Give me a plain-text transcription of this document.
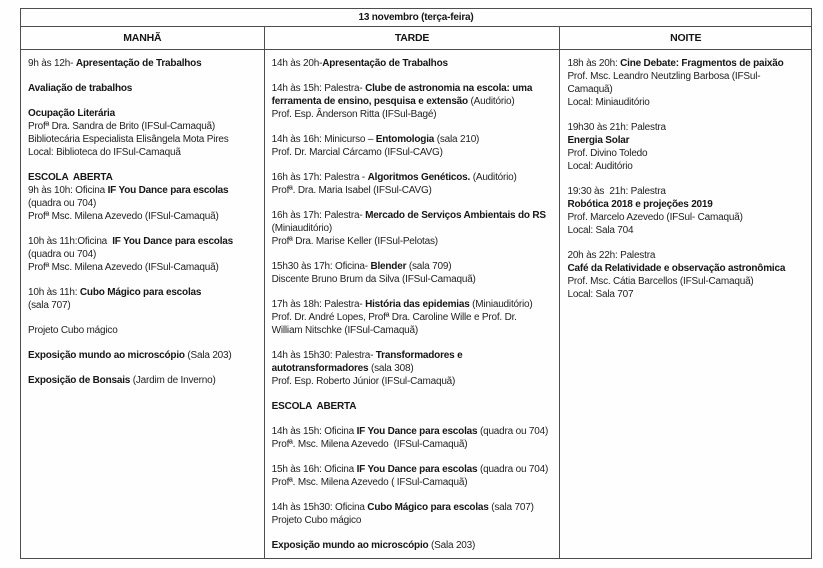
13 novembro (terça-feira)		
MANHÃ	TARDE	NOITE

9h às 12h- Apresentação de Trabalhos
Avaliação de trabalhos
Ocupação Literária
Profª Dra. Sandra de Brito (IFSul-Camaquã)
Bibliotecária Especialista Elisângela Mota Pires
Local: Biblioteca do IFSul-Camaquã
ESCOLA  ABERTA
9h às 10h: Oficina IF You Dance para escolas
(quadra ou 704)
Profª Msc. Milena Azevedo (IFSul-Camaquã)
10h às 11h:Oficina  IF You Dance para escolas
(quadra ou 704)
Profª Msc. Milena Azevedo (IFSul-Camaquã)
10h às 11h: Cubo Mágico para escolas
(sala 707)
Projeto Cubo mágico
Exposição mundo ao microscópio (Sala 203)
Exposição de Bonsais (Jardim de Inverno)

14h às 20h-Apresentação de Trabalhos
14h às 15h: Palestra- Clube de astronomia na escola: uma
ferramenta de ensino, pesquisa e extensão (Auditório)
Prof. Esp. Ânderson Ritta (IFSul-Bagé)
14h às 16h: Minicurso – Entomologia (sala 210)
Prof. Dr. Marcial Cárcamo (IFSul-CAVG)
16h às 17h: Palestra - Algoritmos Genéticos. (Auditório)
Profª. Dra. Maria Isabel (IFSul-CAVG)
16h às 17h: Palestra- Mercado de Serviços Ambientais do RS
(Miniauditório)
Profª Dra. Marise Keller (IFSul-Pelotas)
15h30 às 17h: Oficina- Blender (sala 709)
Discente Bruno Brum da Silva (IFSul-Camaquã)
17h às 18h: Palestra- História das epidemias (Miniauditório)
Prof. Dr. André Lopes, Profª Dra. Caroline Wille e Prof. Dr.
William Nitschke (IFSul-Camaquã)
14h às 15h30: Palestra- Transformadores e
autotransformadores (sala 308)
Prof. Esp. Roberto Júnior (IFSul-Camaquã)
ESCOLA  ABERTA
14h às 15h: Oficina IF You Dance para escolas (quadra ou 704)
Profª. Msc. Milena Azevedo  (IFSul-Camaquã)
15h às 16h: Oficina IF You Dance para escolas (quadra ou 704)
Profª. Msc. Milena Azevedo ( IFSul-Camaquã)
14h às 15h30: Oficina Cubo Mágico para escolas (sala 707)
Projeto Cubo mágico
Exposição mundo ao microscópio (Sala 203)

18h às 20h: Cine Debate: Fragmentos de paixão
Prof. Msc. Leandro Neutzling Barbosa (IFSul-
Camaquã)
Local: Miniauditório
19h30 às 21h: Palestra
Energia Solar
Prof. Divino Toledo
Local: Auditório
19:30 às  21h: Palestra
Robótica 2018 e projeções 2019
Prof. Marcelo Azevedo (IFSul- Camaquã)
Local: Sala 704
20h às 22h: Palestra
Café da Relatividade e observação astronômica
Prof. Msc. Cátia Barcellos (IFSul-Camaquã)
Local: Sala 707
